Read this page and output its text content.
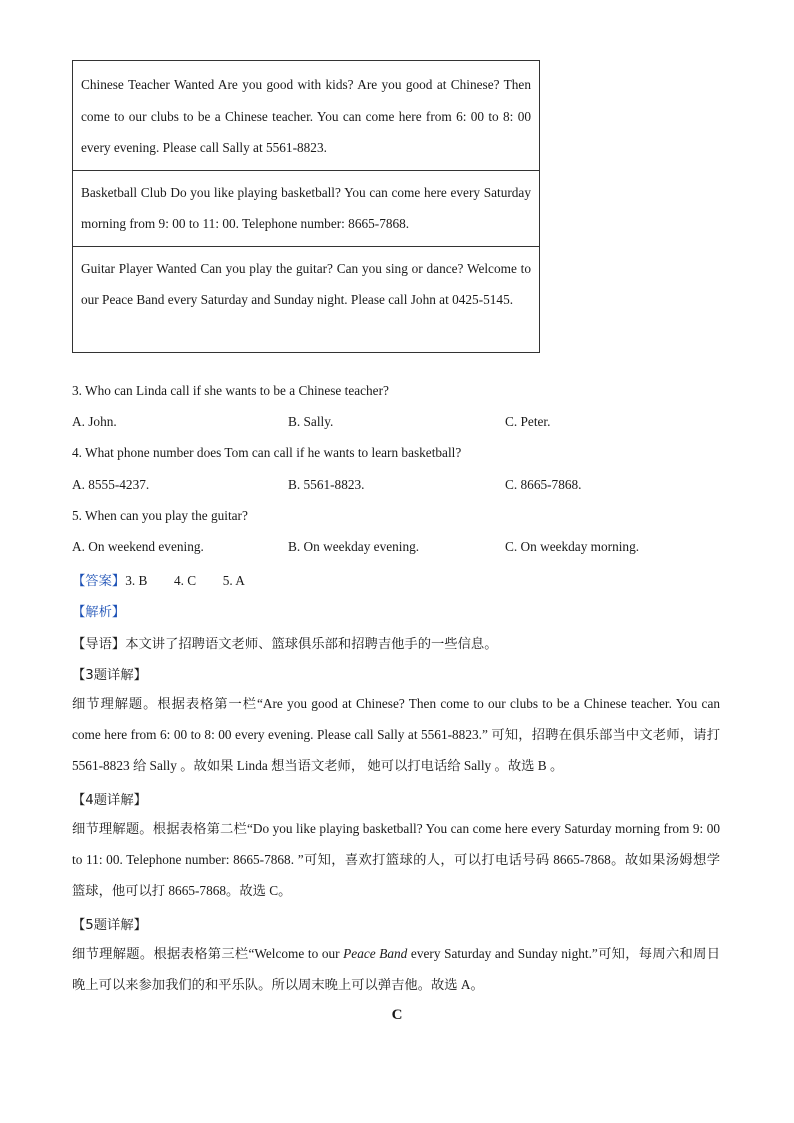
Chinese Teacher Wanted Are you good with kids? Are you good at Chinese? Then come to our clubs to be a Chinese teacher. You can come here from 6: 00 to 8: 00 every evening. Please call Sally at 5561-8823.
Basketball Club Do you like playing basketball? You can come here every Saturday morning from 9: 00 to 11: 00. Telephone number: 8665-7868.
Guitar Player Wanted Can you play the guitar? Can you sing or dance? Welcome to our Peace Band every Saturday and Sunday night. Please call John at 0425-5145.
3. Who can Linda call if she wants to be a Chinese teacher?
A. John.	B. Sally.	C. Peter.
4. What phone number does Tom can call if he wants to learn basketball?
A. 8555-4237.	B. 5561-8823.	C. 8665-7868.
5. When can you play the guitar?
A. On weekend evening.	B. On weekday evening.	C. On weekday morning.
【答案】3. B        4. C        5. A
【解析】
【导语】本文讲了招聘语文老师、篮球俱乐部和招聘吉他手的一些信息。
【3题详解】
细节理解题。根据表格第一栏“Are you good at Chinese? Then come to our clubs to be a Chinese teacher. You can come here from 6: 00 to 8: 00 every evening. Please call Sally at 5561-8823.” 可知，招聘在俱乐部当中文老师，请打 5561-8823 给 Sally 。故如果 Linda 想当语文老师， 她可以打电话给 Sally 。故选 B 。
【4题详解】
细节理解题。根据表格第二栏“Do you like playing basketball? You can come here every Saturday morning from 9: 00 to 11: 00. Telephone number: 8665-7868. ”可知，喜欢打篮球的人，可以打电话号码 8665-7868。故如果汤姆想学篮球，他可以打 8665-7868。故选 C。
【5题详解】
细节理解题。根据表格第三栏“Welcome to our Peace Band every Saturday and Sunday night.”可知，每周六和周日晚上可以来参加我们的和平乐队。所以周末晚上可以弹吉他。故选 A。
C
